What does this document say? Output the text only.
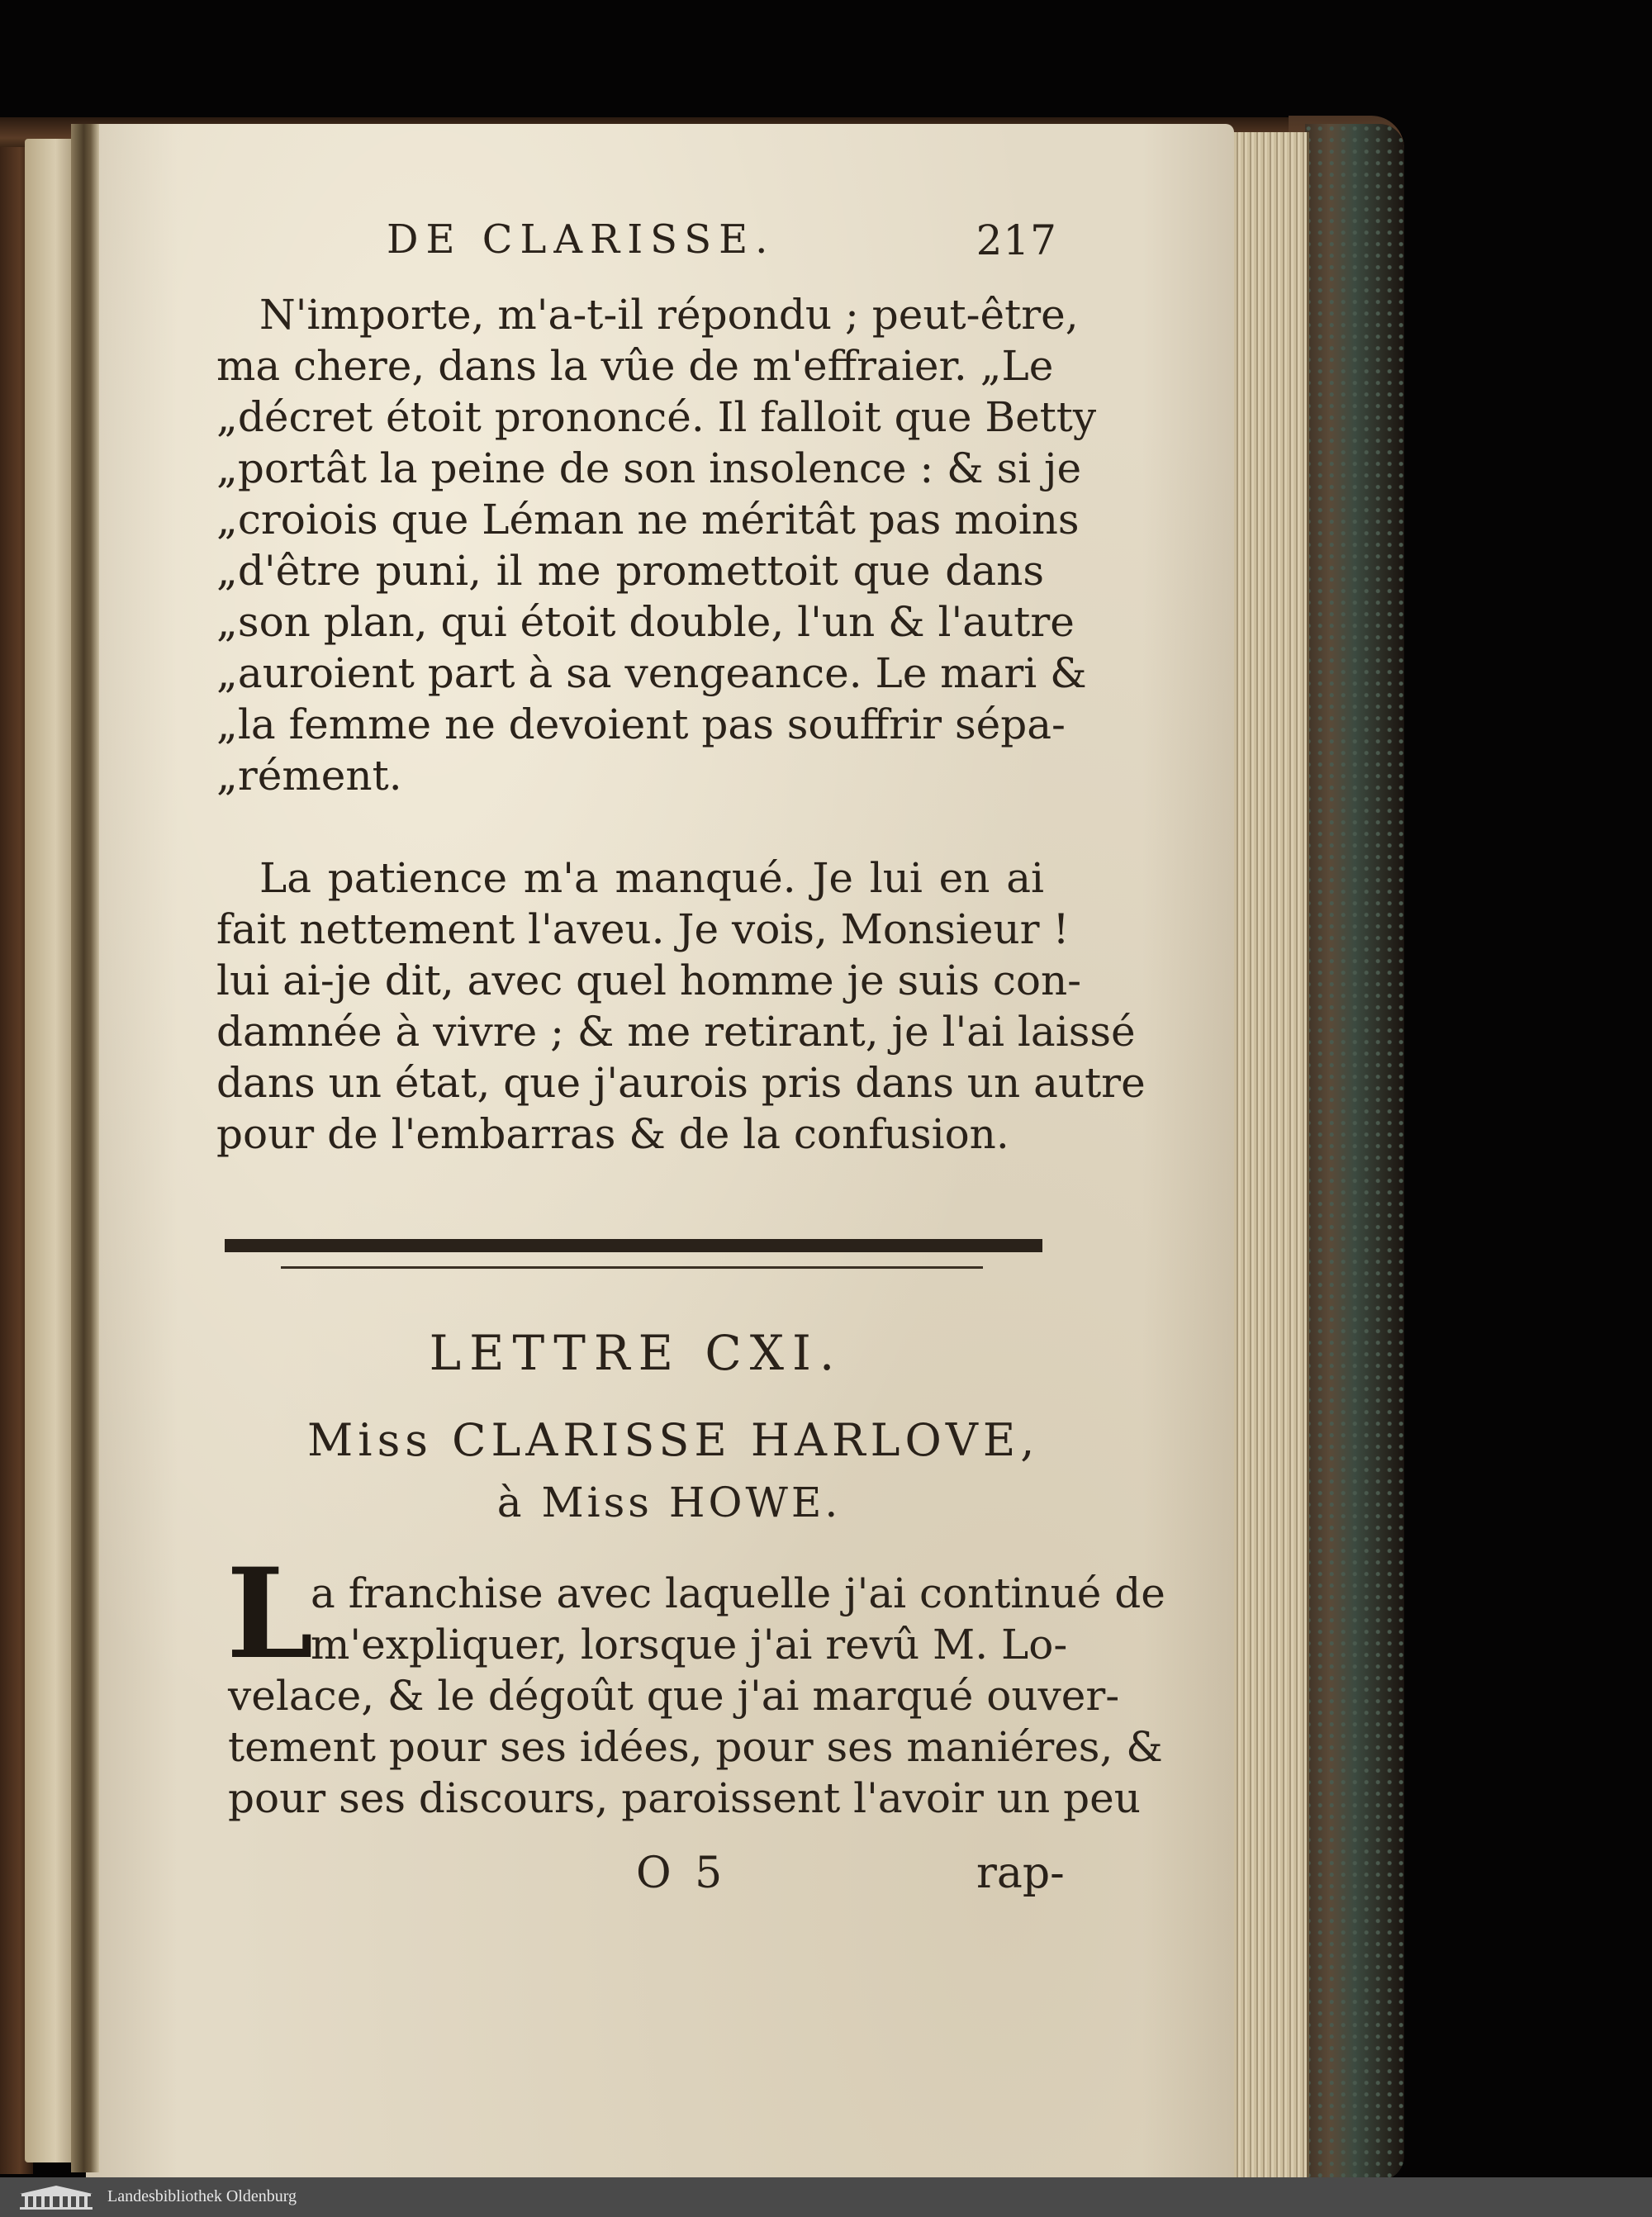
DE CLARISSE.	217
N'importe, m'a-t-il répondu ; peut-être,
ma chere, dans la vûe de m'effraier. „Le
„décret étoit prononcé. Il falloit que Betty
„portât la peine de son insolence : & si je
„croiois que Léman ne méritât pas moins
„d'être puni, il me promettoit que dans
„son plan, qui étoit double, l'un & l'autre
„auroient part à sa vengeance. Le mari &
„la femme ne devoient pas souffrir sépa-
„rément.
La patience m'a manqué. Je lui en ai
fait nettement l'aveu. Je vois, Monsieur !
lui ai-je dit, avec quel homme je suis con-
damnée à vivre ; & me retirant, je l'ai laissé
dans un état, que j'aurois pris dans un autre
pour de l'embarras & de la confusion.
LETTRE CXI.
Miss CLARISSE HARLOVE,
à Miss HOWE.
L
a franchise avec laquelle j'ai continué de
m'expliquer, lorsque j'ai revû M. Lo-
velace, & le dégoût que j'ai marqué ouver-
tement pour ses idées, pour ses maniéres, &
pour ses discours, paroissent l'avoir un peu
O 5	rap-
Landesbibliothek Oldenburg
